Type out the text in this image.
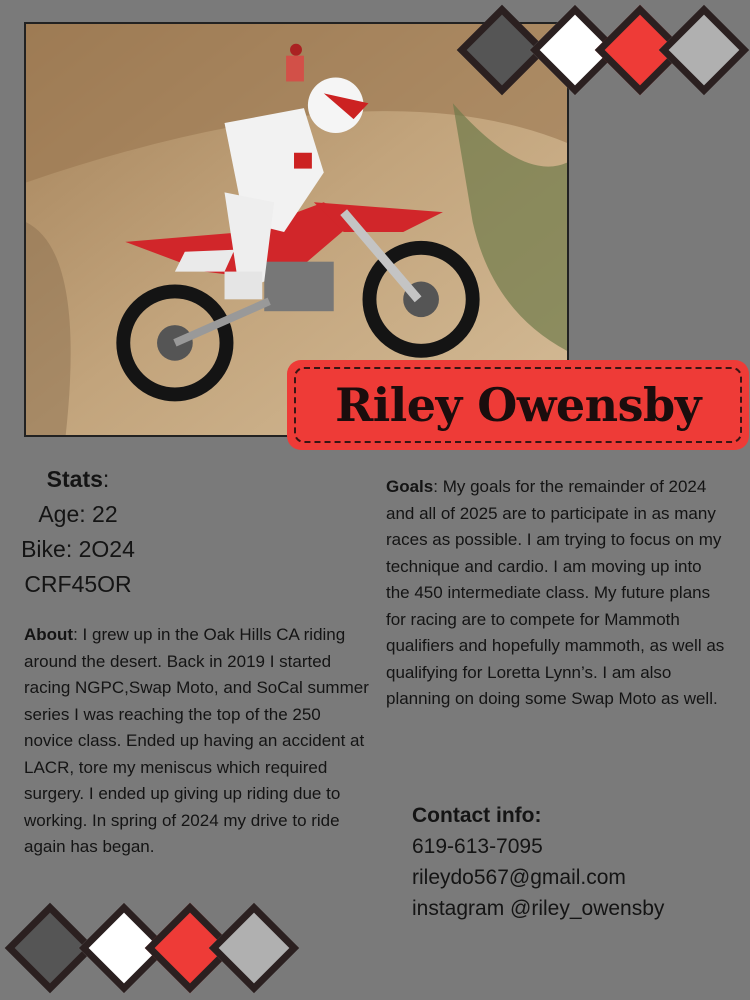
Riley Owensby
Stats:
Age: 22
Bike: 2O24
CRF45OR
About: I grew up in the Oak Hills CA riding around the desert. Back in 2019 I started racing NGPC,Swap Moto, and SoCal summer series I was reaching the top of the 250 novice class. Ended up having an accident at LACR, tore my meniscus which required surgery. I ended up giving up riding due to working. In spring of 2024 my drive to ride again has began.
Goals: My goals for the remainder of 2024 and all of 2025 are to participate in as many races as possible. I am trying to focus on my technique and cardio. I am moving up into the 450 intermediate class. My future plans for racing are to compete for Mammoth qualifiers and hopefully mammoth, as well as qualifying for Loretta Lynn’s. I am also planning on doing some Swap Moto as well.
Contact info:
619-613-7095
rileydo567@gmail.com
instagram @riley_owensby
